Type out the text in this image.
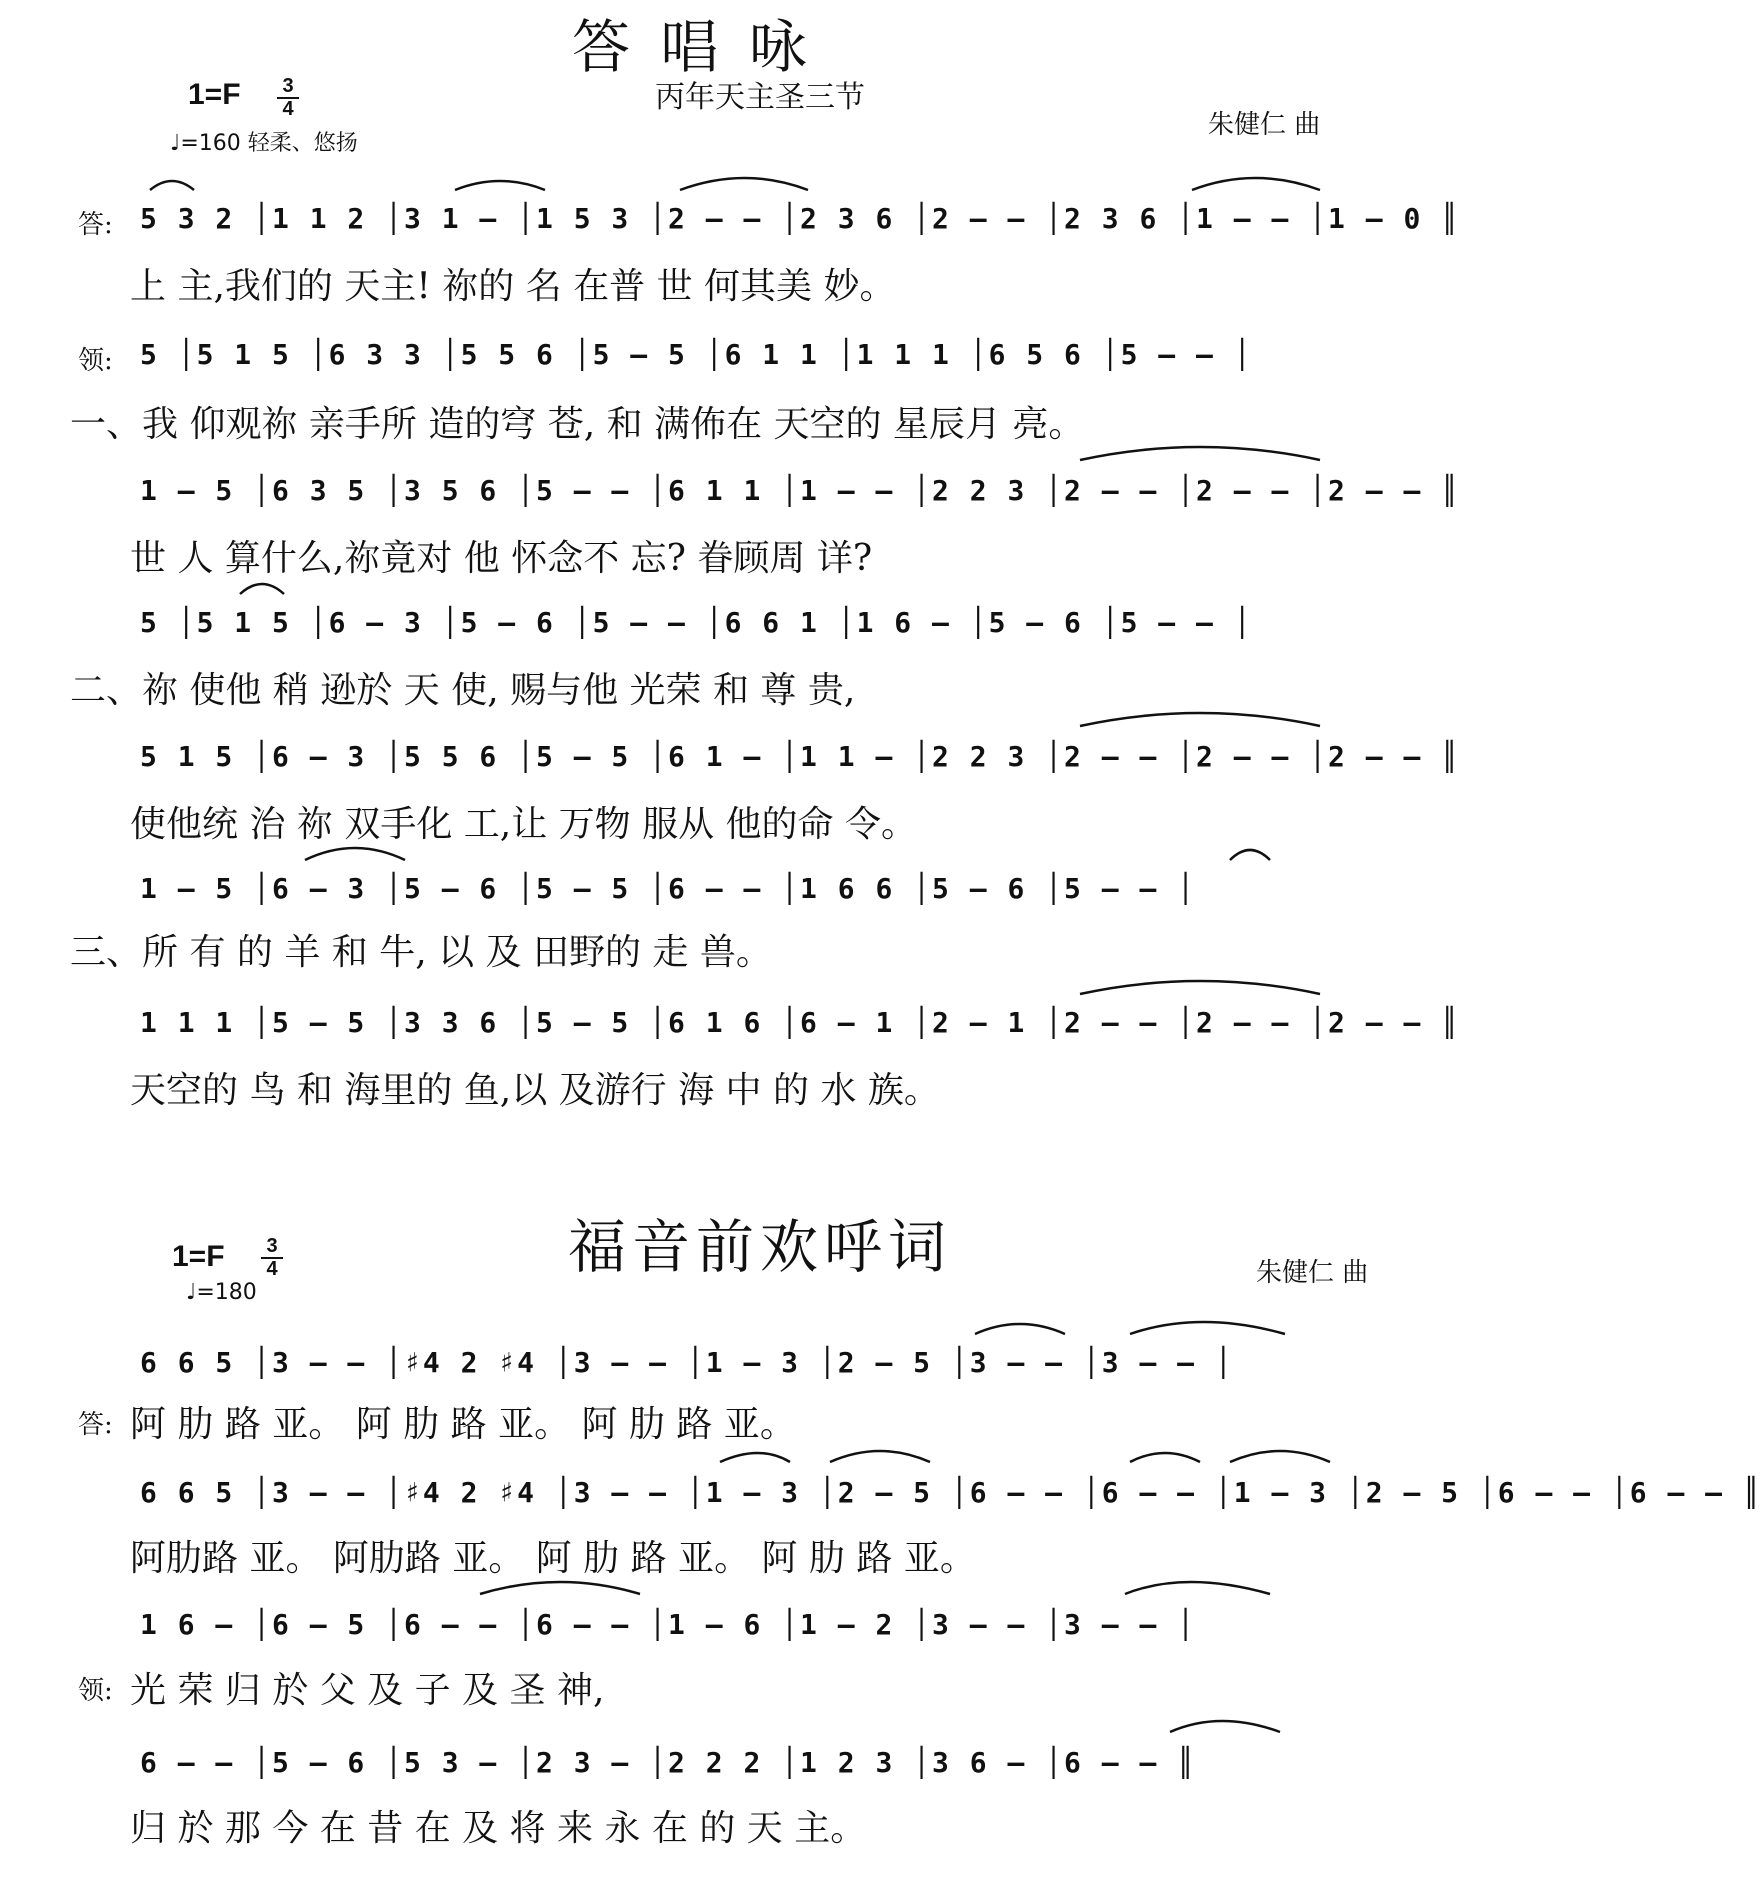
答 唱 咏
丙年天主圣三节
朱健仁 曲
$1=F \frac{3}{4}$
♩=160 轻柔、悠扬
答: 5 3 2 │1 1 2 │3 1 – │1 5 3 │2 – – │2 3 6 │2 – – │2 3 6 │1 – – │1 – 0 ║
上 主,我们的 天主! 祢的 名 在普 世 何其美 妙。
领: 5 │5 1 5 │6 3 3 │5 5 6 │5 – 5 │6 1 1 │1 1 1 │6 5 6 │5 – – │
一、我 仰观祢 亲手所 造的穹 苍, 和 满佈在 天空的 星辰月 亮。
1 – 5 │6 3 5 │3 5 6 │5 – – │6 1 1 │1 – – │2 2 3 │2 – – │2 – – │2 – – ║
世 人 算什么,祢竟对 他 怀念不 忘? 眷顾周 详?
5 │5 1 5 │6 – 3 │5 – 6 │5 – – │6 6 1 │1 6 – │5 – 6 │5 – – │
二、祢 使他 稍 逊於 天 使, 赐与他 光荣 和 尊 贵,
5 1 5 │6 – 3 │5 5 6 │5 – 5 │6 1 – │1 1 – │2 2 3 │2 – – │2 – – │2 – – ║
使他统 治 祢 双手化 工,让 万物 服从 他的命 令。
1 – 5 │6 – 3 │5 – 6 │5 – 5 │6 – – │1 6 6 │5 – 6 │5 – – │
三、所 有 的 羊 和 牛, 以 及 田野的 走 兽。
1 1 1 │5 – 5 │3 3 6 │5 – 5 │6 1 6 │6 – 1 │2 – 1 │2 – – │2 – – │2 – – ║
天空的 鸟 和 海里的 鱼,以 及游行 海 中 的 水 族。
福音前欢呼词	朱健仁 曲
$1=F \frac{3}{4}$
♩=180
6 6 5 │3 – – │♯4 2 ♯4 │3 – – │1 – 3 │2 – 5 │3 – – │3 – – │
答: 阿 肋 路 亚。 阿 肋 路 亚。 阿 肋 路 亚。
6 6 5 │3 – – │♯4 2 ♯4 │3 – – │1 – 3 │2 – 5 │6 – – │6 – – │1 – 3 │2 – 5 │6 – – │6 – – ║
阿肋路 亚。 阿肋路 亚。 阿 肋 路 亚。 阿 肋 路 亚。
1 6 – │6 – 5 │6 – – │6 – – │1 – 6 │1 – 2 │3 – – │3 – – │
领: 光 荣 归 於 父 及 子 及 圣 神,
6 – – │5 – 6 │5 3 – │2 3 – │2 2 2 │1 2 3 │3 6 – │6 – – ║
归 於 那 今 在 昔 在 及 将 来 永 在 的 天 主。
